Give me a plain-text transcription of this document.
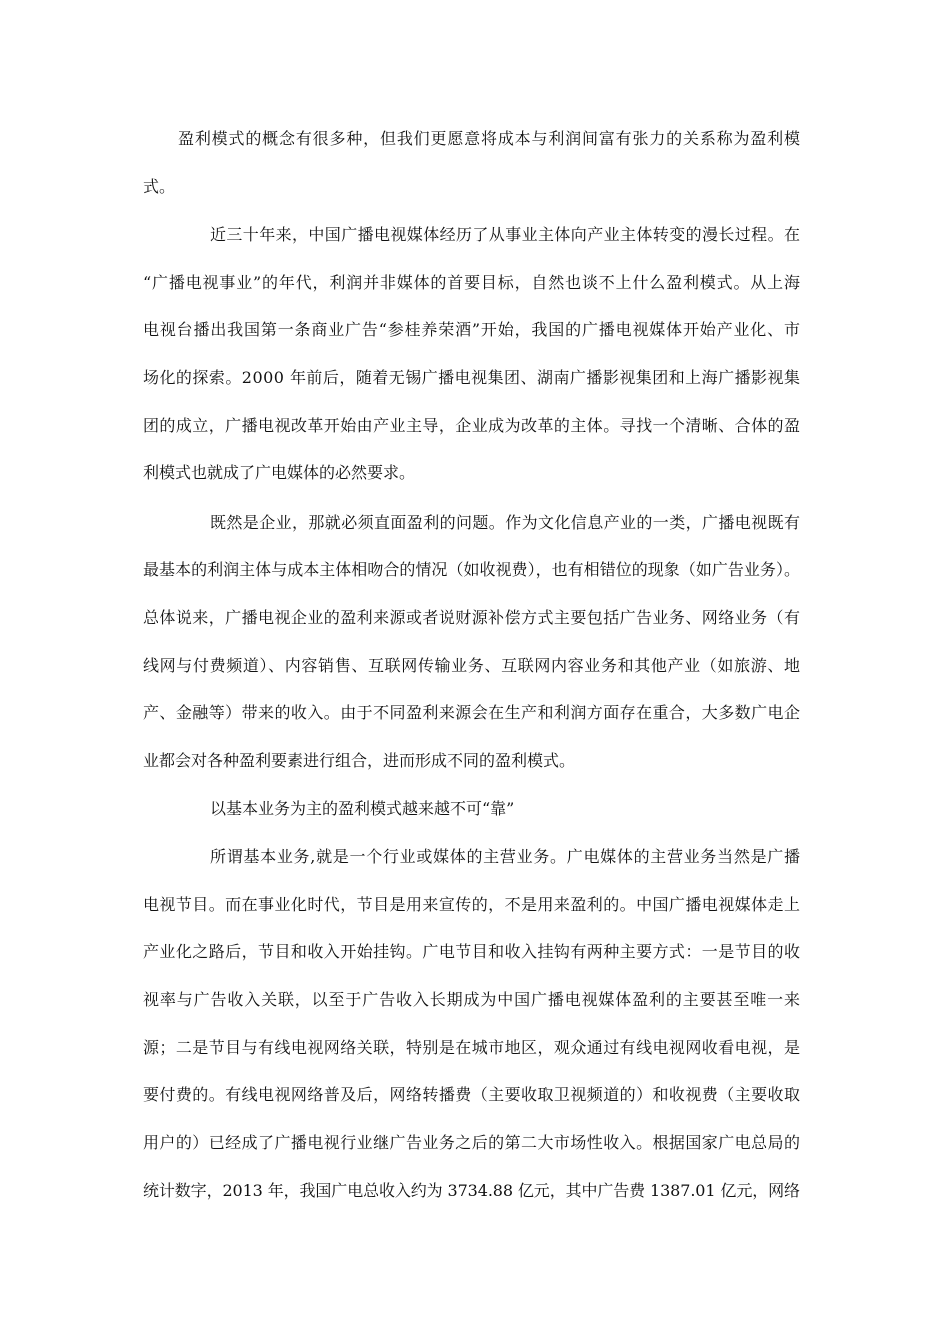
盈利模式的概念有很多种，但我们更愿意将成本与利润间富有张力的关系称为盈利模
式。
近三十年来，中国广播电视媒体经历了从事业主体向产业主体转变的漫长过程。在
“广播电视事业”的年代，利润并非媒体的首要目标，自然也谈不上什么盈利模式。从上海
电视台播出我国第一条商业广告“参桂养荣酒”开始，我国的广播电视媒体开始产业化、市
场化的探索。2000 年前后，随着无锡广播电视集团、湖南广播影视集团和上海广播影视集
团的成立，广播电视改革开始由产业主导，企业成为改革的主体。寻找一个清晰、合体的盈
利模式也就成了广电媒体的必然要求。
既然是企业，那就必须直面盈利的问题。作为文化信息产业的一类，广播电视既有
最基本的利润主体与成本主体相吻合的情况（如收视费），也有相错位的现象（如广告业务）。
总体说来，广播电视企业的盈利来源或者说财源补偿方式主要包括广告业务、网络业务（有
线网与付费频道）、内容销售、互联网传输业务、互联网内容业务和其他产业（如旅游、地
产、金融等）带来的收入。由于不同盈利来源会在生产和利润方面存在重合，大多数广电企
业都会对各种盈利要素进行组合，进而形成不同的盈利模式。
以基本业务为主的盈利模式越来越不可“靠”
所谓基本业务,就是一个行业或媒体的主营业务。广电媒体的主营业务当然是广播
电视节目。而在事业化时代，节目是用来宣传的，不是用来盈利的。中国广播电视媒体走上
产业化之路后，节目和收入开始挂钩。广电节目和收入挂钩有两种主要方式：一是节目的收
视率与广告收入关联，以至于广告收入长期成为中国广播电视媒体盈利的主要甚至唯一来
源；二是节目与有线电视网络关联，特别是在城市地区，观众通过有线电视网收看电视，是
要付费的。有线电视网络普及后，网络转播费（主要收取卫视频道的）和收视费（主要收取
用户的）已经成了广播电视行业继广告业务之后的第二大市场性收入。根据国家广电总局的
统计数字，2013 年，我国广电总收入约为 3734.88 亿元，其中广告费 1387.01 亿元，网络
